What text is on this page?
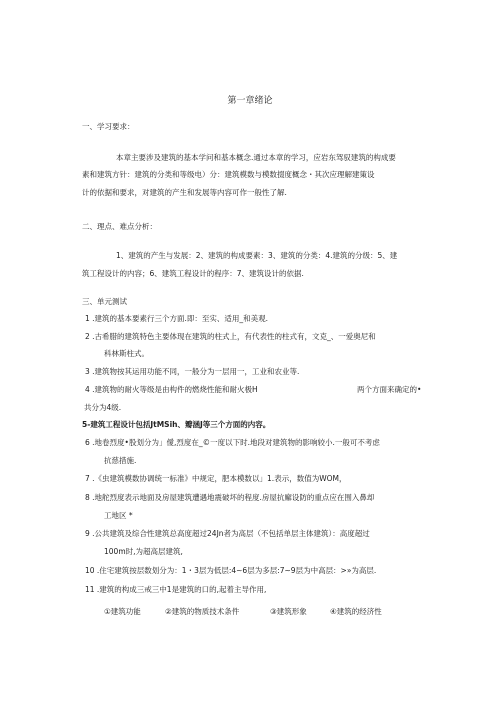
第一章绪论
一、学习要求：
本章主要涉及建筑的基本学问和基本概念.通过本章的学习，应岩东驾驭建筑的构成要
素和建筑方针：建筑的分类和等级电）分：建筑模数与模数掇度概念・其次应理解建策设
计的依据和要求，对建筑的产生和发展等内容可作一般性了解.
二、理点、难点分析：
1、建筑的产生与发展：2、建筑的构成要素：3、建筑的分类：4.建筑的分级：5、建
筑工程设计的内容；6、建筑工程设计的程序：7、建筑设计的依据.
三、单元测试
1 .建筑的基本要素行三个方面.即：至实、适用_和美观.
2 .古希腊的建筑特色主要体现在建筑的柱式上，有代表性的柱式有，文克_、一爱奥尼和
科林斯柱式。
3 .建筑物按其运用功能不同，一般分为一层用一，工业和农业等.
4 .建筑物的耐火等级是由构件的燃烧性能和耐火极H	两个方面来确定的•
共分为4级.
5-建筑工程设计包括JtMSih、瓣涵J等三个方面的内容。
6 .地卷烈度•股划分为」僾,烈度在_©一度以下时.地段对建筑物的影响较小.一般可不考虑
抗慈措施.
7 .《虫建筑模数协调统一标准》中规定，肥本模数以」1.表示，数值为WOM，
8 .地舵烈度表示地面及房屋建筑遭遇地震破坏的程度.房屋抗廨设防的重点应在围入鼻却
工地区 *
9 .公共建筑及综合性建筑总高度超过24Jn者为高层（不包括单层主体建筑）：高度超过
100m时,为超高层建筑,
10 .住宅建筑按层数划分为：1・3层为低层:4~6层为多层:7~9层为中高层：>»为高层.
11 .建筑的构成三戒三中1是建筑的口的,起着主导作用,
①建筑功能	②建筑的物质技术条件	③建筑形象	④建筑的经济性
